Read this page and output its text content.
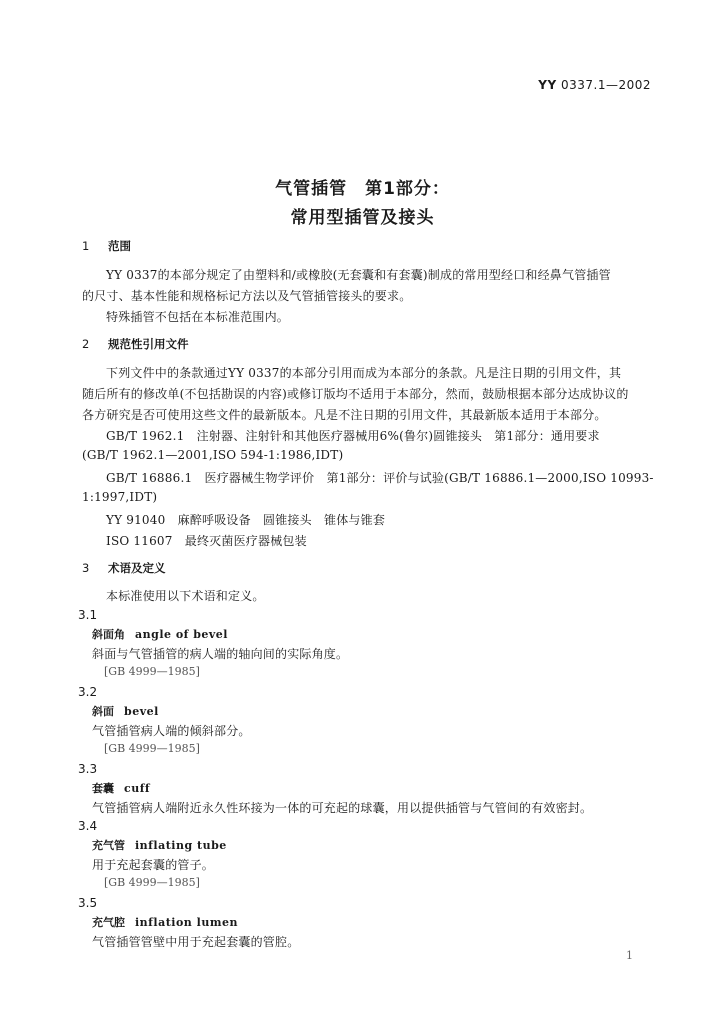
YY 0337.1—2002
气管插管　第1部分：
常用型插管及接头
1 范围
YY 0337的本部分规定了由塑料和/或橡胶(无套囊和有套囊)制成的常用型经口和经鼻气管插管
的尺寸、基本性能和规格标记方法以及气管插管接头的要求。
特殊插管不包括在本标准范围内。
2 规范性引用文件
下列文件中的条款通过YY 0337的本部分引用而成为本部分的条款。凡是注日期的引用文件，其
随后所有的修改单(不包括勘误的内容)或修订版均不适用于本部分，然而，鼓励根据本部分达成协议的
各方研究是否可使用这些文件的最新版本。凡是不注日期的引用文件，其最新版本适用于本部分。
GB/T 1962.1　注射器、注射针和其他医疗器械用6%(鲁尔)圆锥接头　第1部分：通用要求
(GB/T 1962.1—2001,ISO 594-1:1986,IDT)
GB/T 16886.1　医疗器械生物学评价　第1部分：评价与试验(GB/T 16886.1—2000,ISO 10993-
1:1997,IDT)
YY 91040　麻醉呼吸设备　圆锥接头　锥体与锥套
ISO 11607　最终灭菌医疗器械包装
3 术语及定义
本标准使用以下术语和定义。
3.1
斜面角 angle of bevel
斜面与气管插管的病人端的轴向间的实际角度。
[GB 4999—1985]
3.2
斜面 bevel
气管插管病人端的倾斜部分。
[GB 4999—1985]
3.3
套囊 cuff
气管插管病人端附近永久性环接为一体的可充起的球囊，用以提供插管与气管间的有效密封。
3.4
充气管 inflating tube
用于充起套囊的管子。
[GB 4999—1985]
3.5
充气腔 inflation lumen
气管插管管壁中用于充起套囊的管腔。
1
